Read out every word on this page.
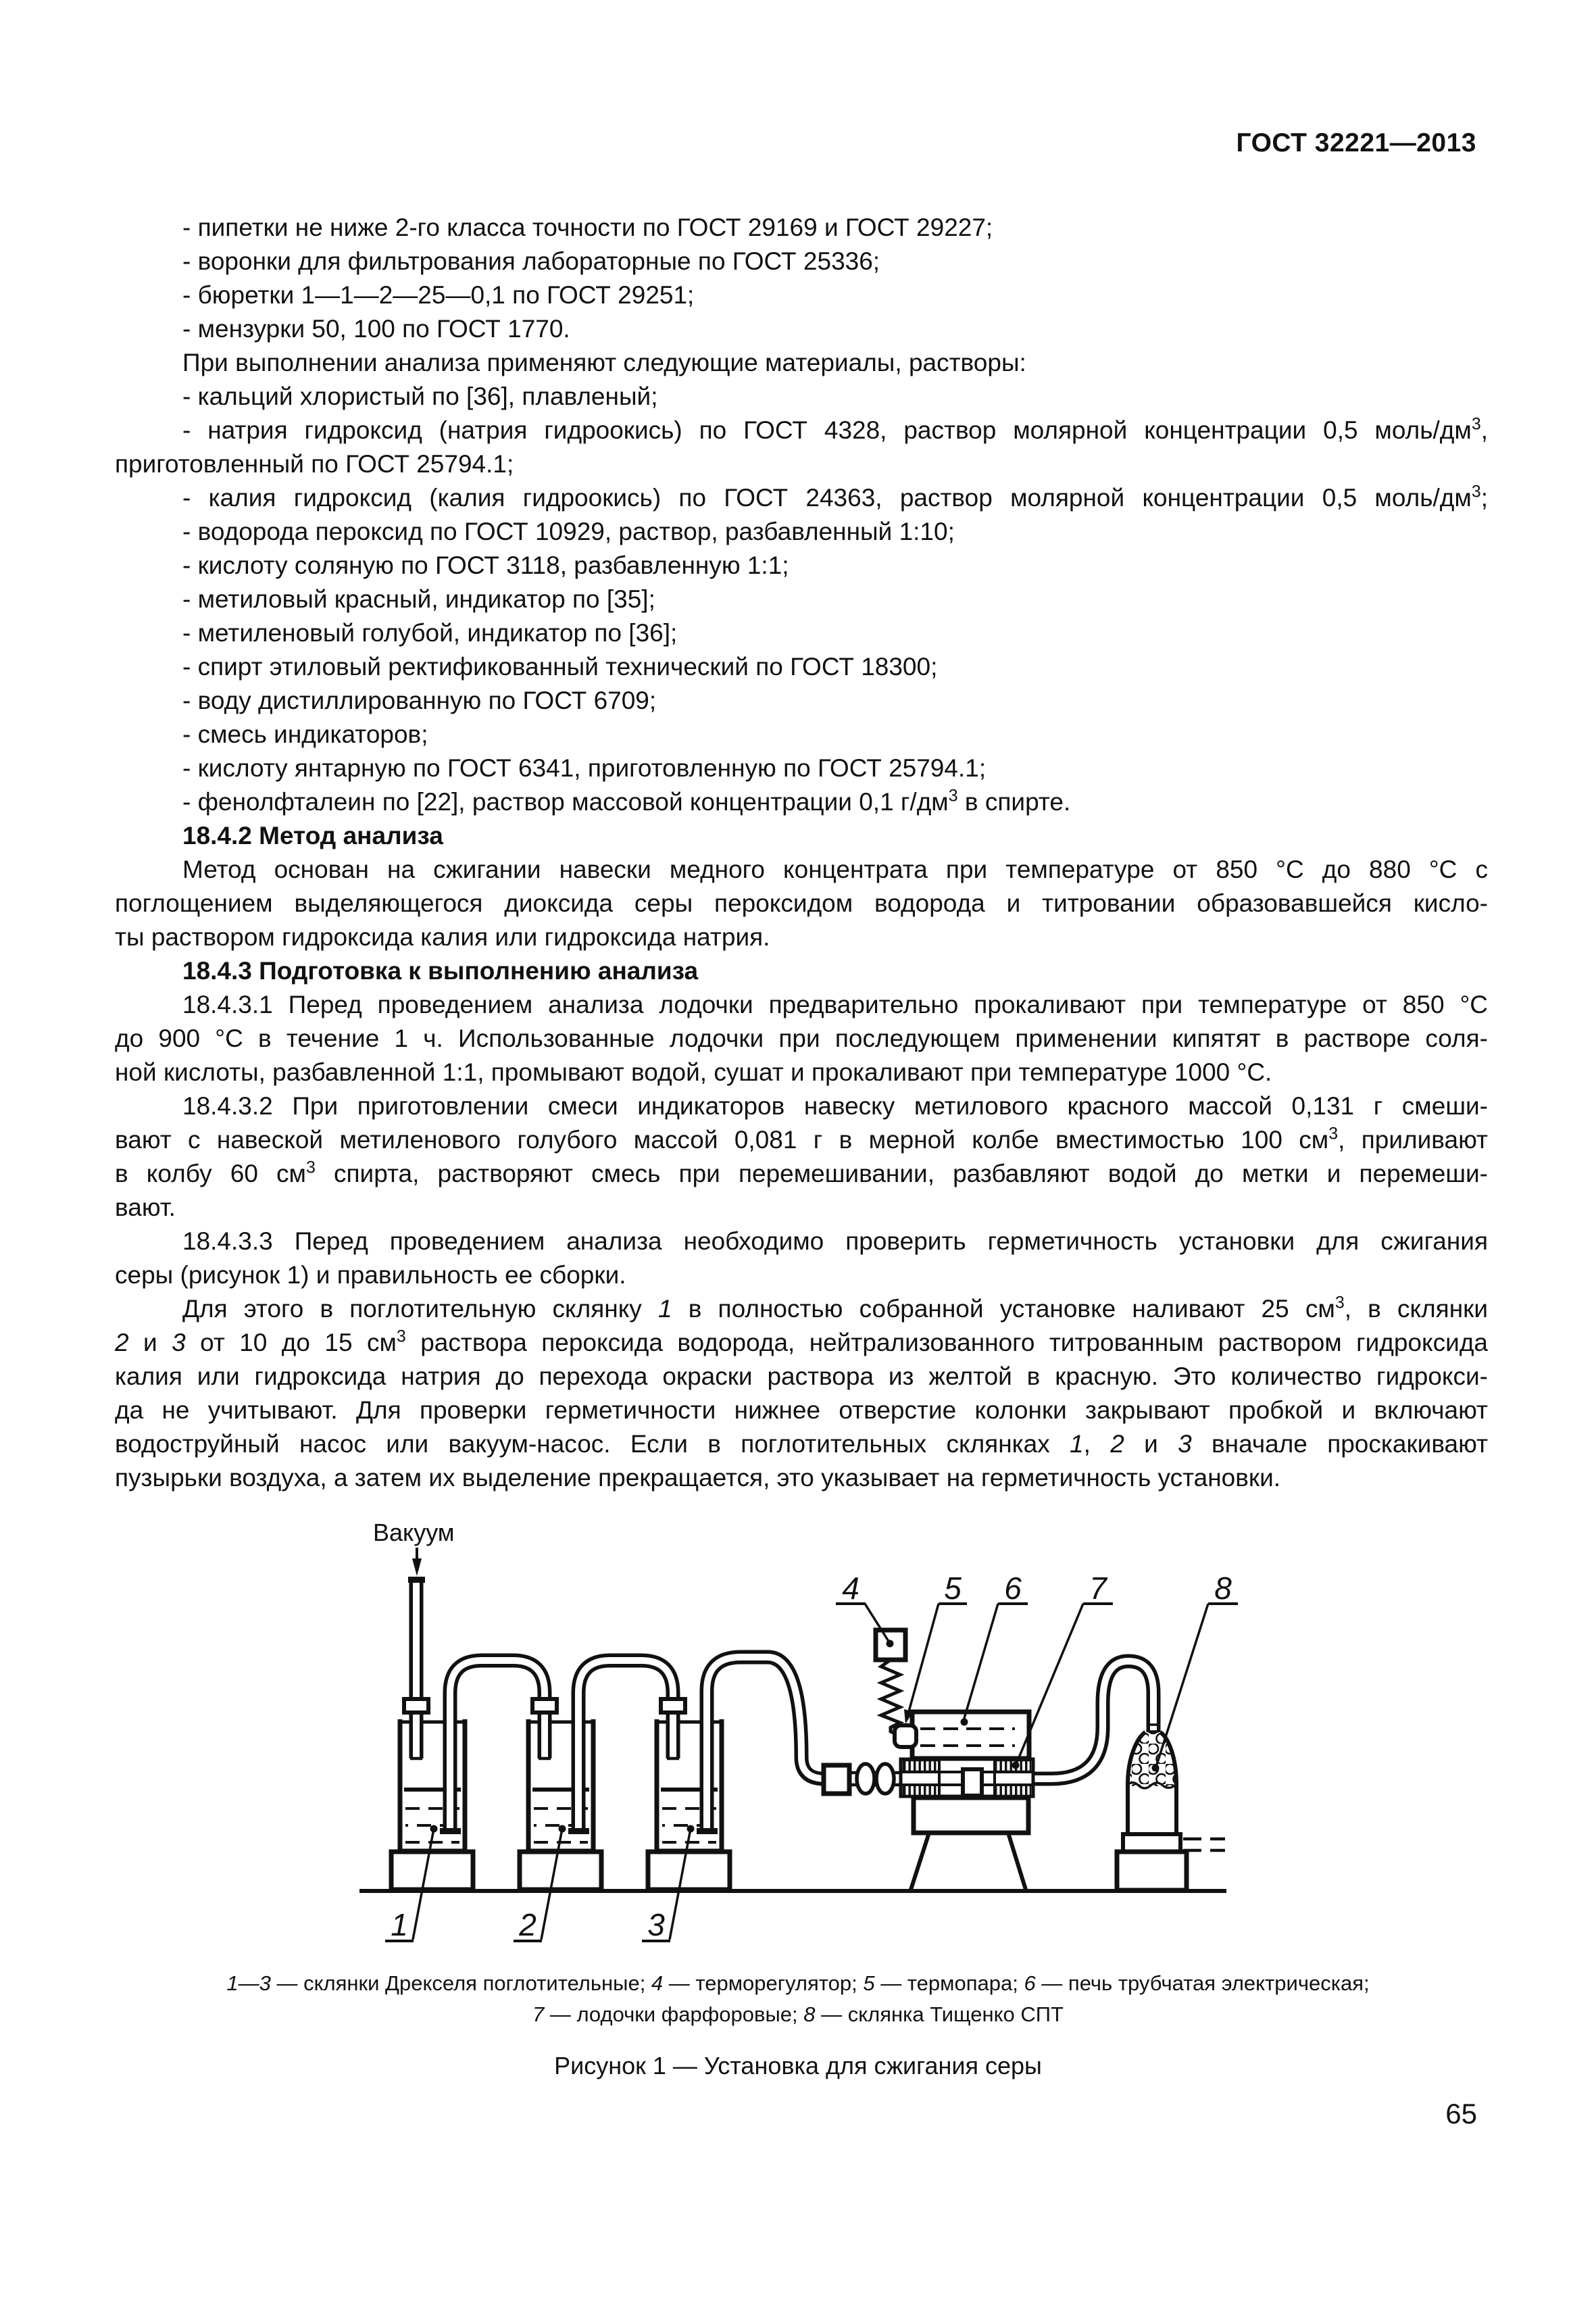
ГОСТ 32221—2013
- пипетки не ниже 2-го класса точности по ГОСТ 29169 и ГОСТ 29227;
- воронки для фильтрования лабораторные по ГОСТ 25336;
- бюретки 1—1—2—25—0,1 по ГОСТ 29251;
- мензурки 50, 100 по ГОСТ 1770.
При выполнении анализа применяют следующие материалы, растворы:
- кальций хлористый по [36], плавленый;
- натрия гидроксид (натрия гидроокись) по ГОСТ 4328, раствор молярной концентрации 0,5 моль/$дм^3$,
приготовленный по ГОСТ 25794.1;
- калия гидроксид (калия гидроокись) по ГОСТ 24363, раствор молярной концентрации 0,5 моль/$дм^3$;
- водорода пероксид по ГОСТ 10929, раствор, разбавленный 1:10;
- кислоту соляную по ГОСТ 3118, разбавленную 1:1;
- метиловый красный, индикатор по [35];
- метиленовый голубой, индикатор по [36];
- спирт этиловый ректификованный технический по ГОСТ 18300;
- воду дистиллированную по ГОСТ 6709;
- смесь индикаторов;
- кислоту янтарную по ГОСТ 6341, приготовленную по ГОСТ 25794.1;
- фенолфталеин по [22], раствор массовой концентрации 0,1 $г/дм^3$ в спирте.
18.4.2 Метод анализа
Метод основан на сжигании навески медного концентрата при температуре от 850 °С до 880 °С с
поглощением выделяющегося диоксида серы пероксидом водорода и титровании образовавшейся кисло-
ты раствором гидроксида калия или гидроксида натрия.
18.4.3 Подготовка к выполнению анализа
18.4.3.1 Перед проведением анализа лодочки предварительно прокаливают при температуре от 850 °С
до 900 °С в течение 1 ч. Использованные лодочки при последующем применении кипятят в растворе соля-
ной кислоты, разбавленной 1:1, промывают водой, сушат и прокаливают при температуре 1000 °С.
18.4.3.2 При приготовлении смеси индикаторов навеску метилового красного массой 0,131 г смеши-
вают с навеской метиленового голубого массой 0,081 г в мерной колбе вместимостью 100 $см^3$, приливают
в колбу 60 $см^3$ спирта, растворяют смесь при перемешивании, разбавляют водой до метки и перемеши-
вают.
18.4.3.3 Перед проведением анализа необходимо проверить герметичность установки для сжигания
серы (рисунок 1) и правильность ее сборки.
Для этого в поглотительную склянку 1 в полностью собранной установке наливают 25 $см^3$, в склянки
2 и 3 от 10 до 15 $см^3$ раствора пероксида водорода, нейтрализованного титрованным раствором гидроксида
калия или гидроксида натрия до перехода окраски раствора из желтой в красную. Это количество гидрокси-
да не учитывают. Для проверки герметичности нижнее отверстие колонки закрывают пробкой и включают
водоструйный насос или вакуум-насос. Если в поглотительных склянках 1, 2 и 3 вначале проскакивают
пузырьки воздуха, а затем их выделение прекращается, это указывает на герметичность установки.
Вакуум
1	2	3
4	5 6 7	8
1—3 — склянки Дрекселя поглотительные; 4 — терморегулятор; 5 — термопара; 6 — печь трубчатая электрическая;
7 — лодочки фарфоровые; 8 — склянка Тищенко СПТ
Рисунок 1 — Установка для сжигания серы
65
